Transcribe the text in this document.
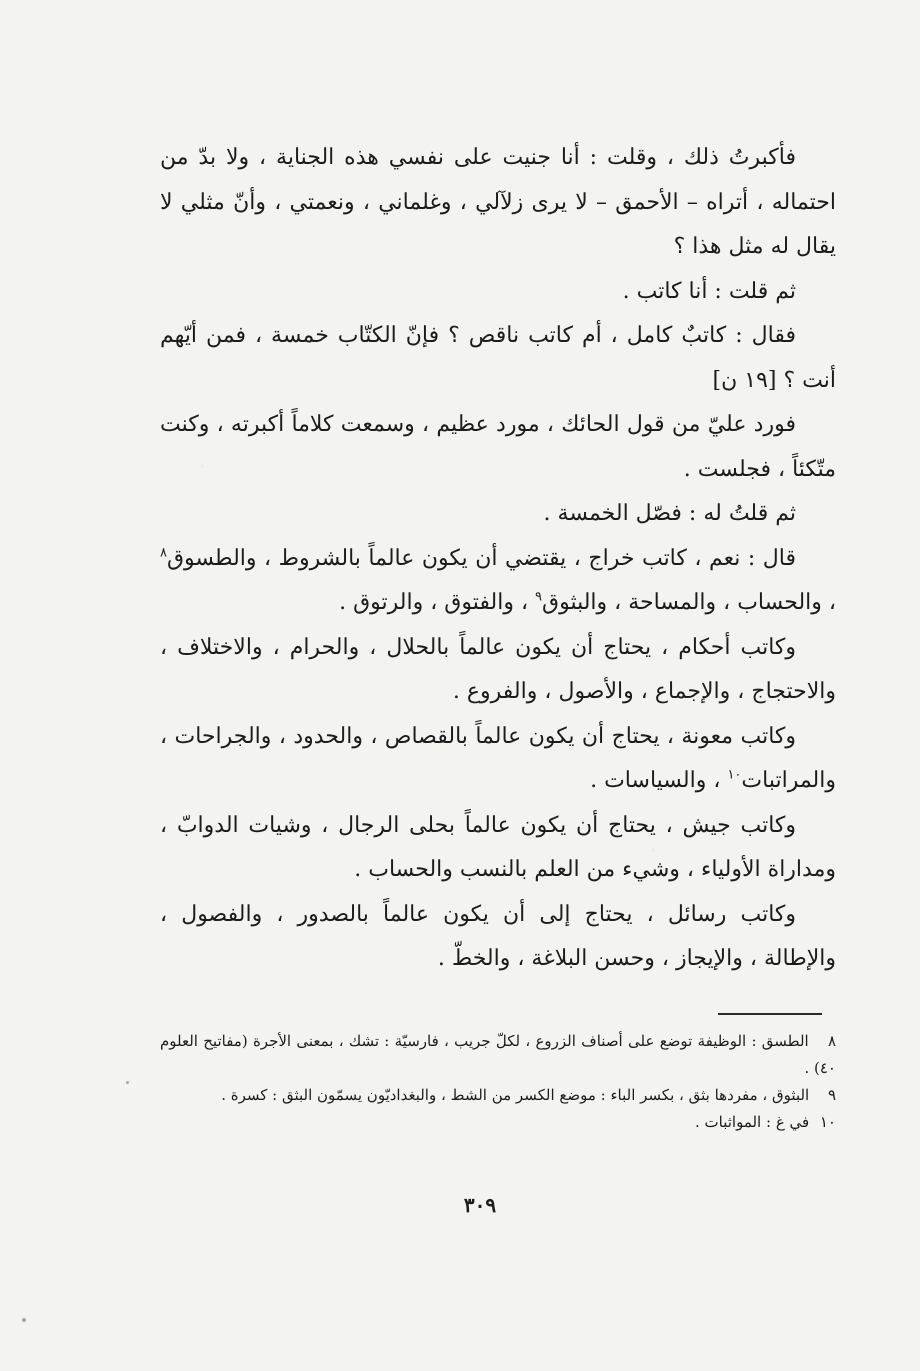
فأكبرتُ ذلك ، وقلت : أنا جنيت على نفسي هذه الجناية ، ولا بدّ من احتماله ، أتراه – الأحمق – لا يرى زلآلي ، وغلماني ، ونعمتي ، وأنّ مثلي لا يقال له مثل هذا ؟

ثم قلت : أنا كاتب .

فقال : كاتبٌ كامل ، أم كاتب ناقص ؟ فإنّ الكتّاب خمسة ، فمن أيّهم أنت ؟ [١٩ ن]

فورد عليّ من قول الحائك ، مورد عظيم ، وسمعت كلاماً أكبرته ، وكنت متّكئاً ، فجلست .

ثم قلتُ له : فصّل الخمسة .

قال : نعم ، كاتب خراج ، يقتضي أن يكون عالماً بالشروط ، والطسوق$^٨$ ، والحساب ، والمساحة ، والبثوق$^٩$ ، والفتوق ، والرتوق .

وكاتب أحكام ، يحتاج أن يكون عالماً بالحلال ، والحرام ، والاختلاف ، والاحتجاج ، والإجماع ، والأصول ، والفروع .

وكاتب معونة ، يحتاج أن يكون عالماً بالقصاص ، والحدود ، والجراحات ، والمراتبات$^{١٠}$ ، والسياسات .

وكاتب جيش ، يحتاج أن يكون عالماً بحلى الرجال ، وشيات الدوابّ ، ومداراة الأولياء ، وشيء من العلم بالنسب والحساب .

وكاتب رسائل ، يحتاج إلى أن يكون عالماً بالصدور ، والفصول ، والإطالة ، والإيجاز ، وحسن البلاغة ، والخطّ .

٨ الطسق : الوظيفة توضع على أصناف الزروع ، لكلّ جريب ، فارسيّة : تشك ، بمعنى الأجرة (مفاتيح العلوم ٤٠) .

٩ البثوق ، مفردها بثق ، بكسر الباء : موضع الكسر من الشط ، والبغداديّون يسمّون البثق : كسرة .

١٠ في غ : المواثبات .

٣٠٩
